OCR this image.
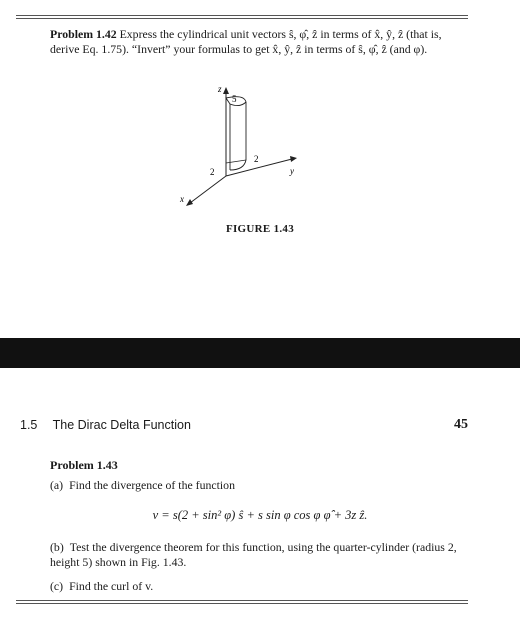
Problem 1.42 Express the cylindrical unit vectors ŝ, φ̂, ẑ in terms of x̂, ŷ, ẑ (that is, derive Eq. 1.75). “Invert” your formulas to get x̂, ŷ, ẑ in terms of ŝ, φ̂, ẑ (and φ).
z
y
x
5
2
2
FIGURE 1.43
1.5 The Dirac Delta Function	45
Problem 1.43
(a) Find the divergence of the function
v = s(2 + sin² φ) ŝ + s sin φ cos φ φ̂ + 3z ẑ.
(b) Test the divergence theorem for this function, using the quarter-cylinder (radius 2, height 5) shown in Fig. 1.43.
(c) Find the curl of v.
